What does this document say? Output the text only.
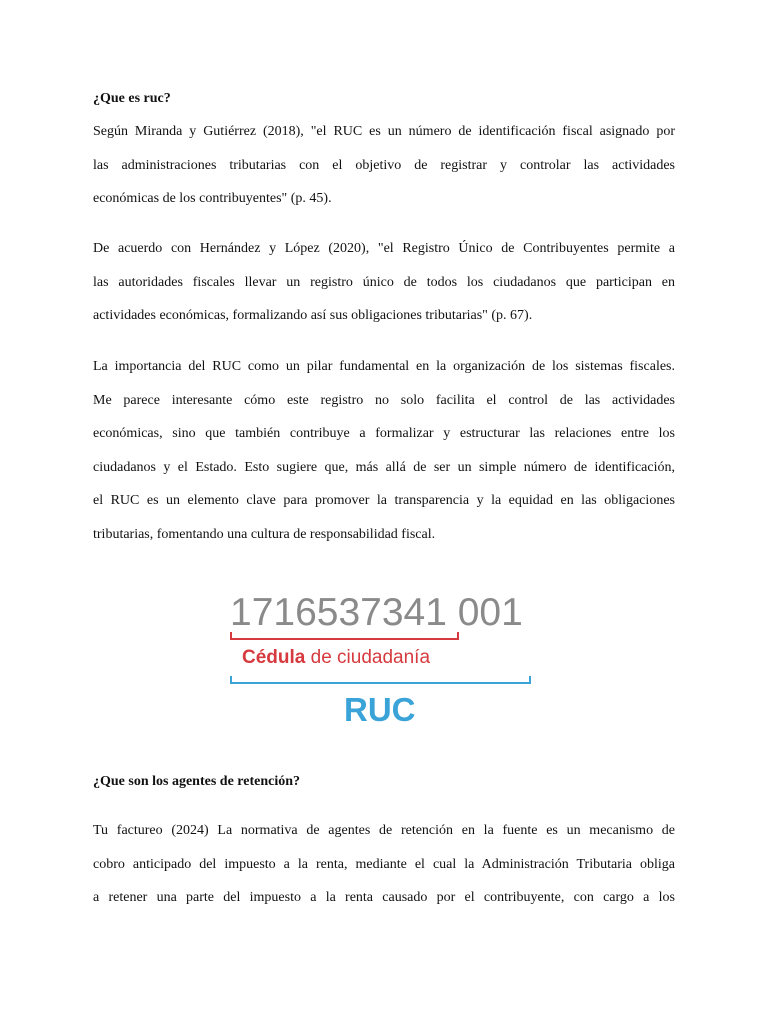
¿Que es ruc?

Según Miranda y Gutiérrez (2018), "el RUC es un número de identificación fiscal asignado por
las administraciones tributarias con el objetivo de registrar y controlar las actividades
económicas de los contribuyentes" (p. 45).
De acuerdo con Hernández y López (2020), "el Registro Único de Contribuyentes permite a
las autoridades fiscales llevar un registro único de todos los ciudadanos que participan en
actividades económicas, formalizando así sus obligaciones tributarias" (p. 67).
La importancia del RUC como un pilar fundamental en la organización de los sistemas fiscales.
Me parece interesante cómo este registro no solo facilita el control de las actividades
económicas, sino que también contribuye a formalizar y estructurar las relaciones entre los
ciudadanos y el Estado. Esto sugiere que, más allá de ser un simple número de identificación,
el RUC es un elemento clave para promover la transparencia y la equidad en las obligaciones
tributarias, fomentando una cultura de responsabilidad fiscal.

1716537341 001

Cédula de ciudadanía

RUC

¿Que son los agentes de retención?

Tu factureo (2024) La normativa de agentes de retención en la fuente es un mecanismo de
cobro anticipado del impuesto a la renta, mediante el cual la Administración Tributaria obliga
a retener una parte del impuesto a la renta causado por el contribuyente, con cargo a los
